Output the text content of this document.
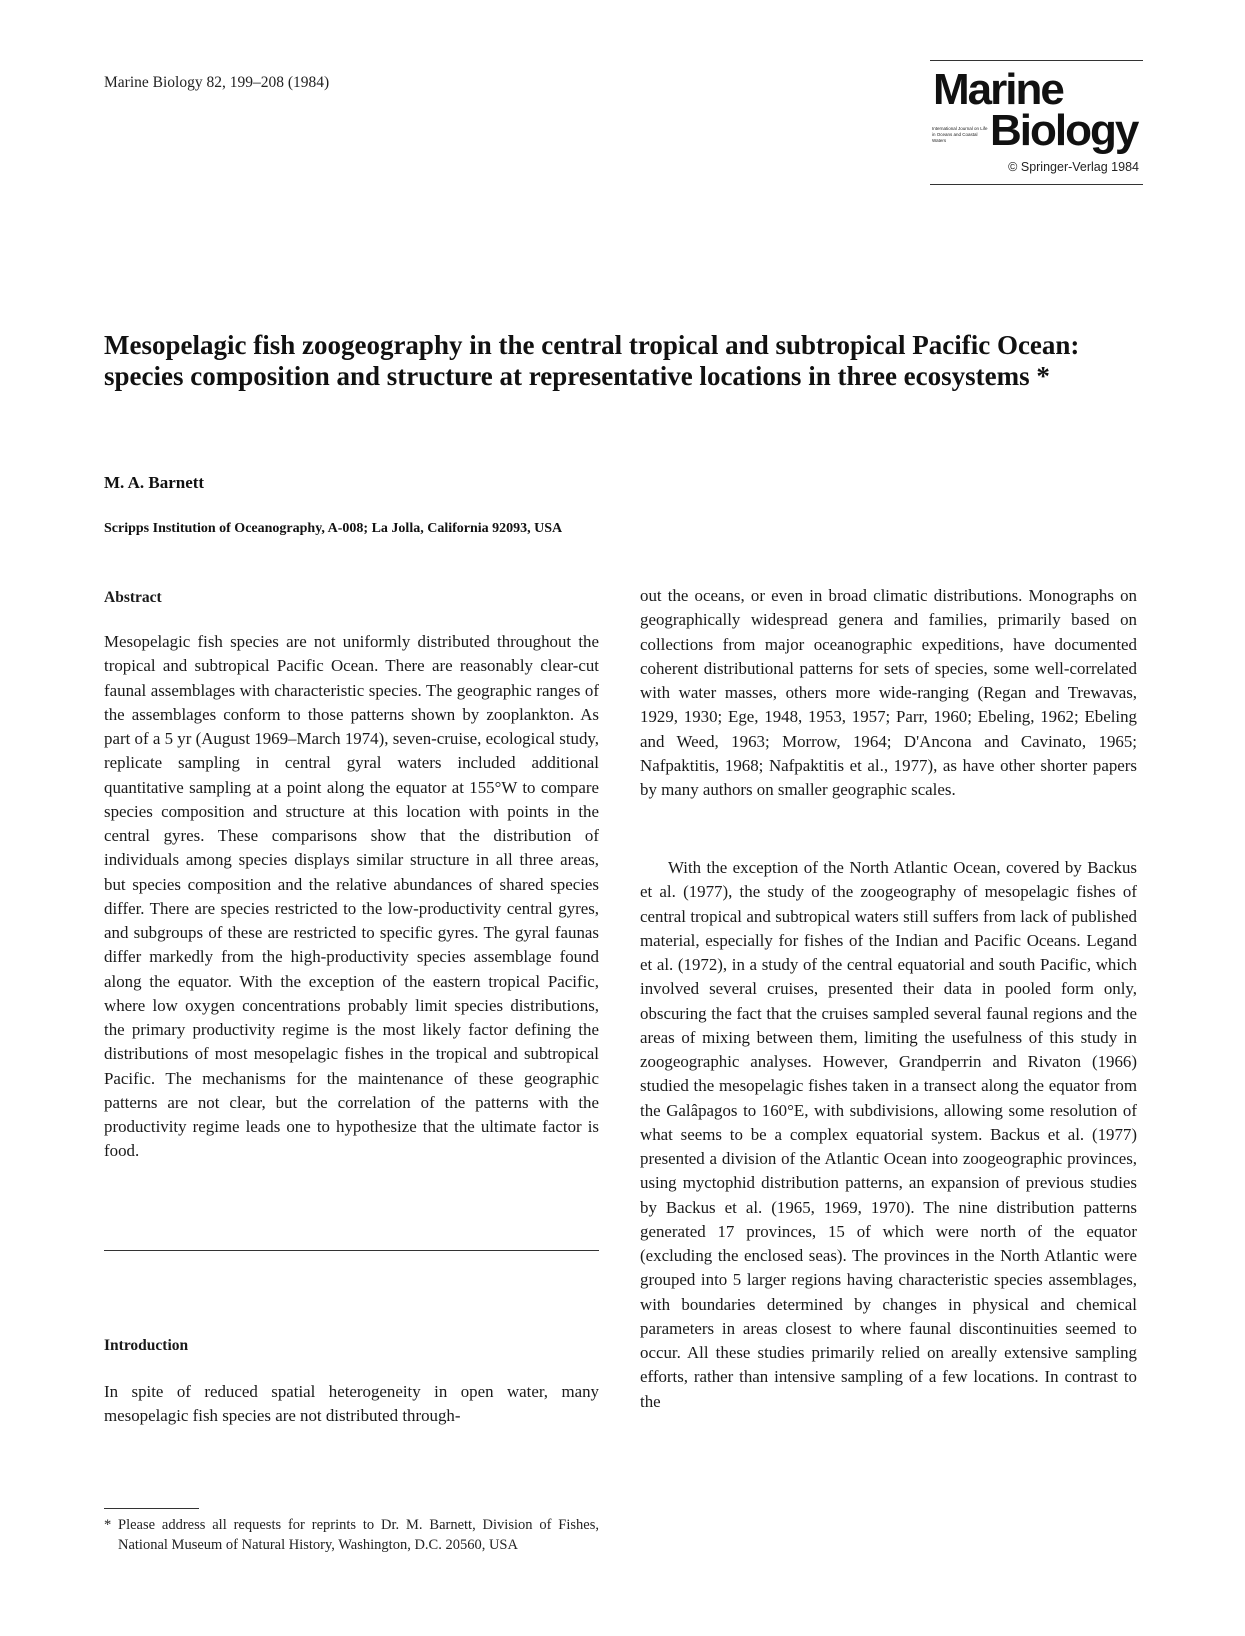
Marine Biology 82, 199–208 (1984)	Marine
International Journal on Life in Oceans and Coastal Waters Biology
© Springer-Verlag 1984
Mesopelagic fish zoogeography in the central tropical and subtropical Pacific Ocean: species composition and structure at representative locations in three ecosystems *
M. A. Barnett
Scripps Institution of Oceanography, A-008; La Jolla, California 92093, USA
Abstract
Mesopelagic fish species are not uniformly distributed throughout the tropical and subtropical Pacific Ocean. There are reasonably clear-cut faunal assemblages with characteristic species. The geographic ranges of the assemblages conform to those patterns shown by zooplankton. As part of a 5 yr (August 1969–March 1974), seven-cruise, ecological study, replicate sampling in central gyral waters included additional quantitative sampling at a point along the equator at 155°W to compare species composition and structure at this location with points in the central gyres. These comparisons show that the distribution of individuals among species displays similar structure in all three areas, but species composition and the relative abundances of shared species differ. There are species restricted to the low-productivity central gyres, and subgroups of these are restricted to specific gyres. The gyral faunas differ markedly from the high-productivity species assemblage found along the equator. With the exception of the eastern tropical Pacific, where low oxygen concentrations probably limit species distributions, the primary productivity regime is the most likely factor defining the distributions of most mesopelagic fishes in the tropical and subtropical Pacific. The mechanisms for the maintenance of these geographic patterns are not clear, but the correlation of the patterns with the productivity regime leads one to hypothesize that the ultimate factor is food.
Introduction
In spite of reduced spatial heterogeneity in open water, many mesopelagic fish species are not distributed through-
* Please address all requests for reprints to Dr. M. Barnett, Division of Fishes, National Museum of Natural History, Washington, D.C. 20560, USA
out the oceans, or even in broad climatic distributions. Monographs on geographically widespread genera and families, primarily based on collections from major oceanographic expeditions, have documented coherent distributional patterns for sets of species, some well-correlated with water masses, others more wide-ranging (Regan and Trewavas, 1929, 1930; Ege, 1948, 1953, 1957; Parr, 1960; Ebeling, 1962; Ebeling and Weed, 1963; Morrow, 1964; D'Ancona and Cavinato, 1965; Nafpaktitis, 1968; Nafpaktitis et al., 1977), as have other shorter papers by many authors on smaller geographic scales.
With the exception of the North Atlantic Ocean, covered by Backus et al. (1977), the study of the zoogeography of mesopelagic fishes of central tropical and subtropical waters still suffers from lack of published material, especially for fishes of the Indian and Pacific Oceans. Legand et al. (1972), in a study of the central equatorial and south Pacific, which involved several cruises, presented their data in pooled form only, obscuring the fact that the cruises sampled several faunal regions and the areas of mixing between them, limiting the usefulness of this study in zoogeographic analyses. However, Grandperrin and Rivaton (1966) studied the mesopelagic fishes taken in a transect along the equator from the Galâpagos to 160°E, with subdivisions, allowing some resolution of what seems to be a complex equatorial system. Backus et al. (1977) presented a division of the Atlantic Ocean into zoogeographic provinces, using myctophid distribution patterns, an expansion of previous studies by Backus et al. (1965, 1969, 1970). The nine distribution patterns generated 17 provinces, 15 of which were north of the equator (excluding the enclosed seas). The provinces in the North Atlantic were grouped into 5 larger regions having characteristic species assemblages, with boundaries determined by changes in physical and chemical parameters in areas closest to where faunal discontinuities seemed to occur. All these studies primarily relied on areally extensive sampling efforts, rather than intensive sampling of a few locations. In contrast to the
